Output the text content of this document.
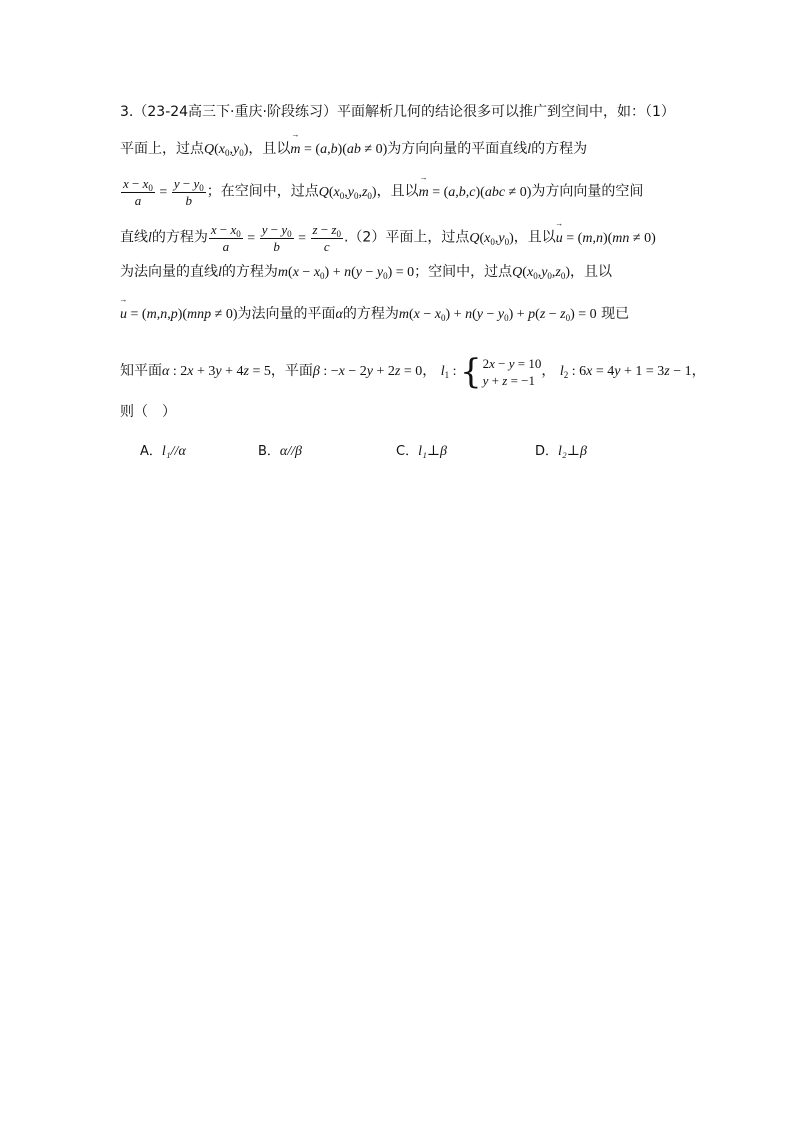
3.（23-24高三下·重庆·阶段练习）平面解析几何的结论很多可以推广到空间中，如：（1）
平面上，过点$Q(x_0,y_0)$，且以→ m = (a,b)(ab ≠ 0)为方向向量的平面直线l的方程为
$\frac{x - x_0}{a} = \frac{y - y_0}{b}$ ；在空间中，过点$Q(x_0,y_0,z_0)$，且以→ m = (a,b,c)(abc ≠ 0)为方向向量的空间
直线l的方程为 $\frac{x - x_0}{a} = \frac{y - y_0}{b} = \frac{z - z_0}{c} .(2)$平面上，过点$Q(x_0,y_0)$，且以→ u = (m,n)(mn ≠ 0)
为法向量的直线l的方程为$m(x - x_0) + n(y - y_0) = 0$；空间中，过点$Q(x_0,y_0,z_0)$，且以
→ u = (m,n,p)(mnp ≠ 0)为法向量的平面α的方程为$m(x - x_0) + n(y - y_0) + p(z - z_0) = 0$ 现已
知平面α : 2x + 3y + 4z = 5，平面β : −x − 2y + 2z = 0， $l_1$ : { 2x − y = 10
y + z = −1
， $l_2$ : 6x = 4y + 1 = 3z − 1，
则（　）
A．l₁//α	B．α//β	C．l₁⊥β	D．l₂⊥β
